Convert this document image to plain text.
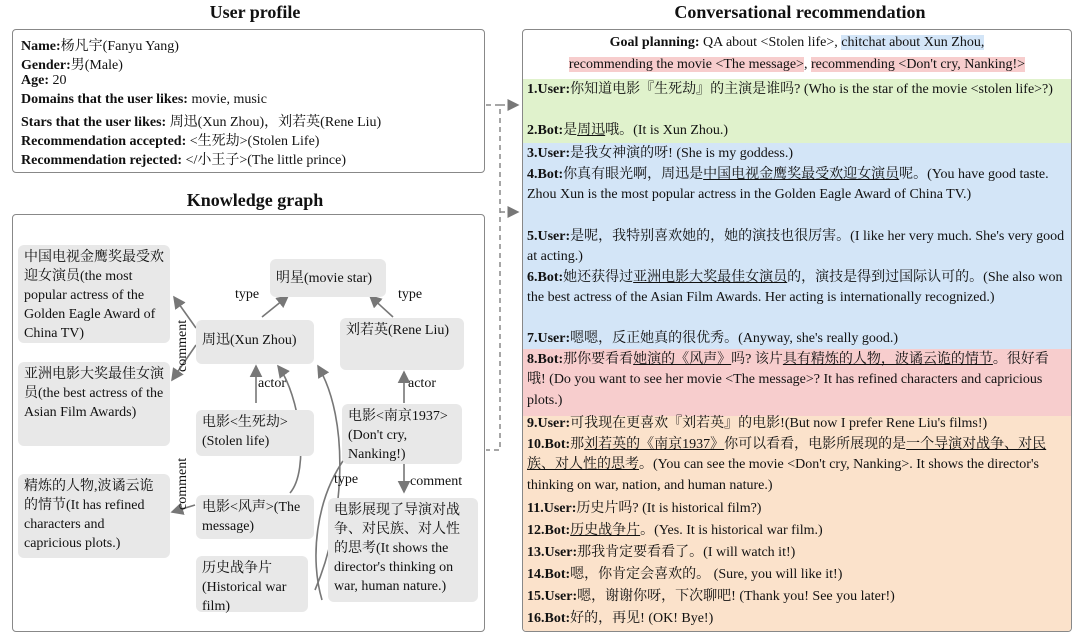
User profile
Name:杨凡宇(Fanyu Yang)
Gender:男(Male)
Age: 20
Domains that the user likes: movie, music
Stars that the user likes: 周迅(Xun Zhou)，刘若英(Rene Liu)
Recommendation accepted: <生死劫>(Stolen Life)
Recommendation rejected: </小王子>(The little prince)
Knowledge graph
中国电视金鹰奖最受欢迎女演员(the most popular actress of the Golden Eagle Award of China TV)
亚洲电影大奖最佳女演员(the best actress of the Asian Film Awards)
精炼的人物,波谲云诡的情节(It has refined characters and capricious plots.)
明星(movie star)
周迅(Xun Zhou)
刘若英(Rene Liu)
电影<生死劫>(Stolen life)
电影<风声>(The message)
历史战争片(Historical war film)
电影<南京1937>(Don't cry, Nanking!)
电影展现了导演对战争、对民族、对人性的思考(It shows the director's thinking on war, human nature.)
type	type
actor	actor
type	comment
comment
comment
Conversational recommendation
Goal planning: QA about <Stolen life>, chitchat about Xun Zhou,
recommending the movie <The message>, recommending <Don't cry, Nanking!>
1.User:你知道电影『生死劫』的主演是谁吗? (Who is the star of the movie <stolen life>?)
2.Bot:是周迅哦。(It is Xun Zhou.)
3.User:是我女神演的呀! (She is my goddess.)
4.Bot:你真有眼光啊，周迅是中国电视金鹰奖最受欢迎女演员呢。(You have good taste. Zhou Xun is the most popular actress in the Golden Eagle Award of China TV.)
5.User:是呢，我特别喜欢她的，她的演技也很厉害。(I like her very much. She's very good at acting.)
6.Bot:她还获得过亚洲电影大奖最佳女演员的，演技是得到过国际认可的。(She also won the best actress of the Asian Film Awards. Her acting is internationally recognized.)
7.User:嗯嗯，反正她真的很优秀。(Anyway, she's really good.)
8.Bot:那你要看看她演的《风声》吗? 该片具有精炼的人物，波谲云诡的情节。很好看哦! (Do you want to see her movie <The message>? It has refined characters and capricious plots.)
9.User:可我现在更喜欢『刘若英』的电影!(But now I prefer Rene Liu's films!)
10.Bot:那刘若英的《南京1937》你可以看看，电影所展现的是一个导演对战争、对民族、对人性的思考。(You can see the movie <Don't cry, Nanking>. It shows the director's thinking on war, nation, and human nature.)
11.User:历史片吗? (It is historical film?)
12.Bot:历史战争片。(Yes. It is historical war film.)
13.User:那我肯定要看看了。(I will watch it!)
14.Bot:嗯，你肯定会喜欢的。 (Sure, you will like it!)
15.User:嗯，谢谢你呀，下次聊吧! (Thank you! See you later!)
16.Bot:好的，再见! (OK! Bye!)
